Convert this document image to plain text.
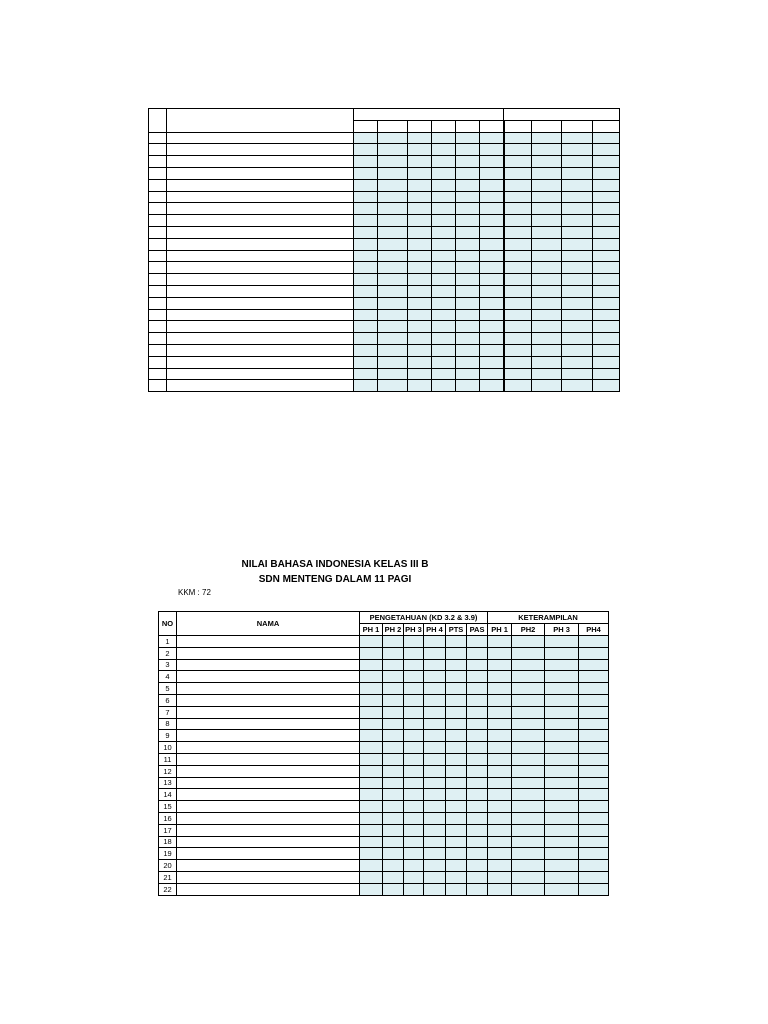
NILAI BAHASA INDONESIA KELAS III B
SDN MENTENG DALAM 11 PAGI
KKM : 72
NO	NAMA	PENGETAHUAN (KD 3.2 & 3.9)						KETERAMPILAN			
		PH 1	PH 2	PH 3	PH 4	PTS	PAS	PH 1	PH2	PH 3	PH4
1											
2											
3											
4											
5											
6											
7											
8											
9											
10											
11											
12											
13											
14											
15											
16											
17											
18											
19											
20											
21											
22											
